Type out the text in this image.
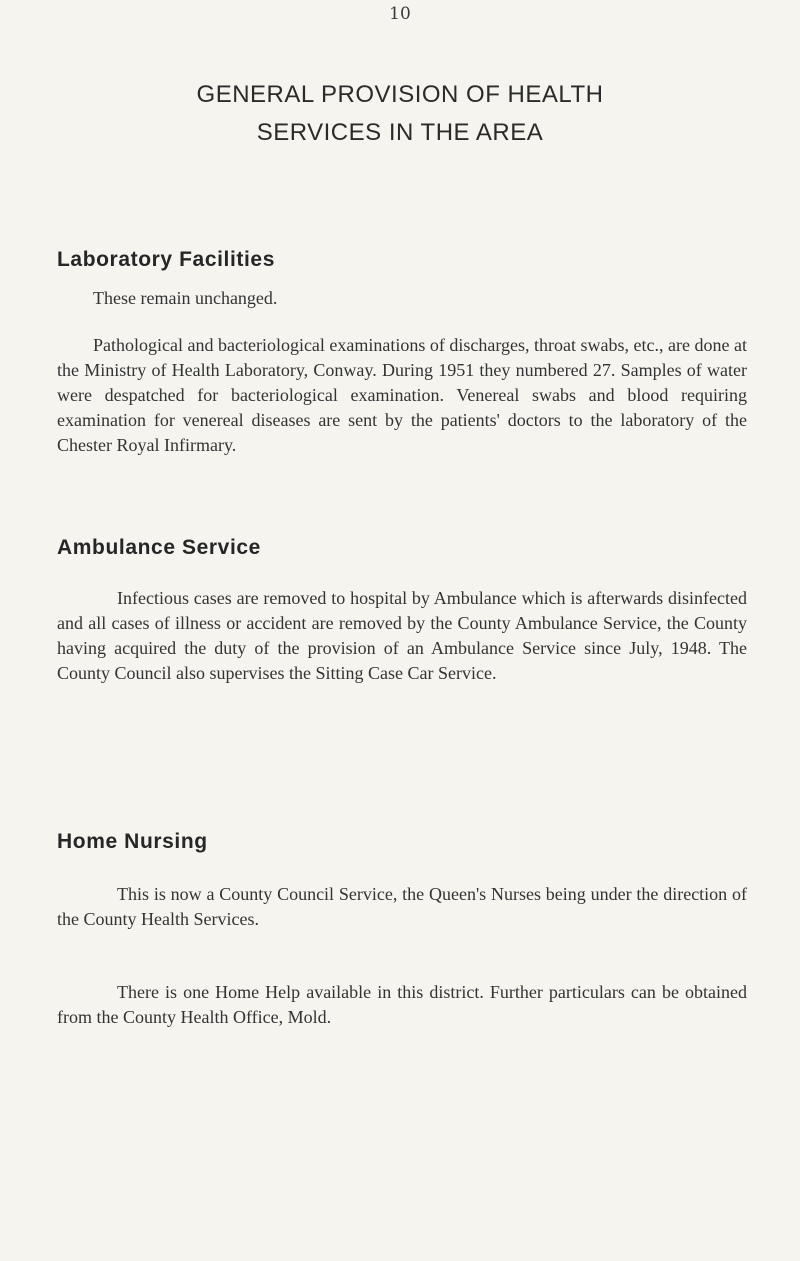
10
GENERAL PROVISION OF HEALTH
SERVICES IN THE AREA
Laboratory Facilities

These remain unchanged.

Pathological and bacteriological examinations of discharges, throat swabs, etc., are done at the Ministry of Health Laboratory, Conway. During 1951 they numbered 27. Samples of water were despatched for bacteriological examination. Venereal swabs and blood requiring examination for venereal diseases are sent by the patients' doctors to the laboratory of the Chester Royal Infirmary.

Ambulance Service

Infectious cases are removed to hospital by Ambulance which is afterwards disinfected and all cases of illness or accident are removed by the County Ambulance Service, the County having acquired the duty of the provision of an Ambulance Service since July, 1948. The County Council also supervises the Sitting Case Car Service.

Home Nursing

This is now a County Council Service, the Queen's Nurses being under the direction of the County Health Services.

There is one Home Help available in this district. Further particulars can be obtained from the County Health Office, Mold.
